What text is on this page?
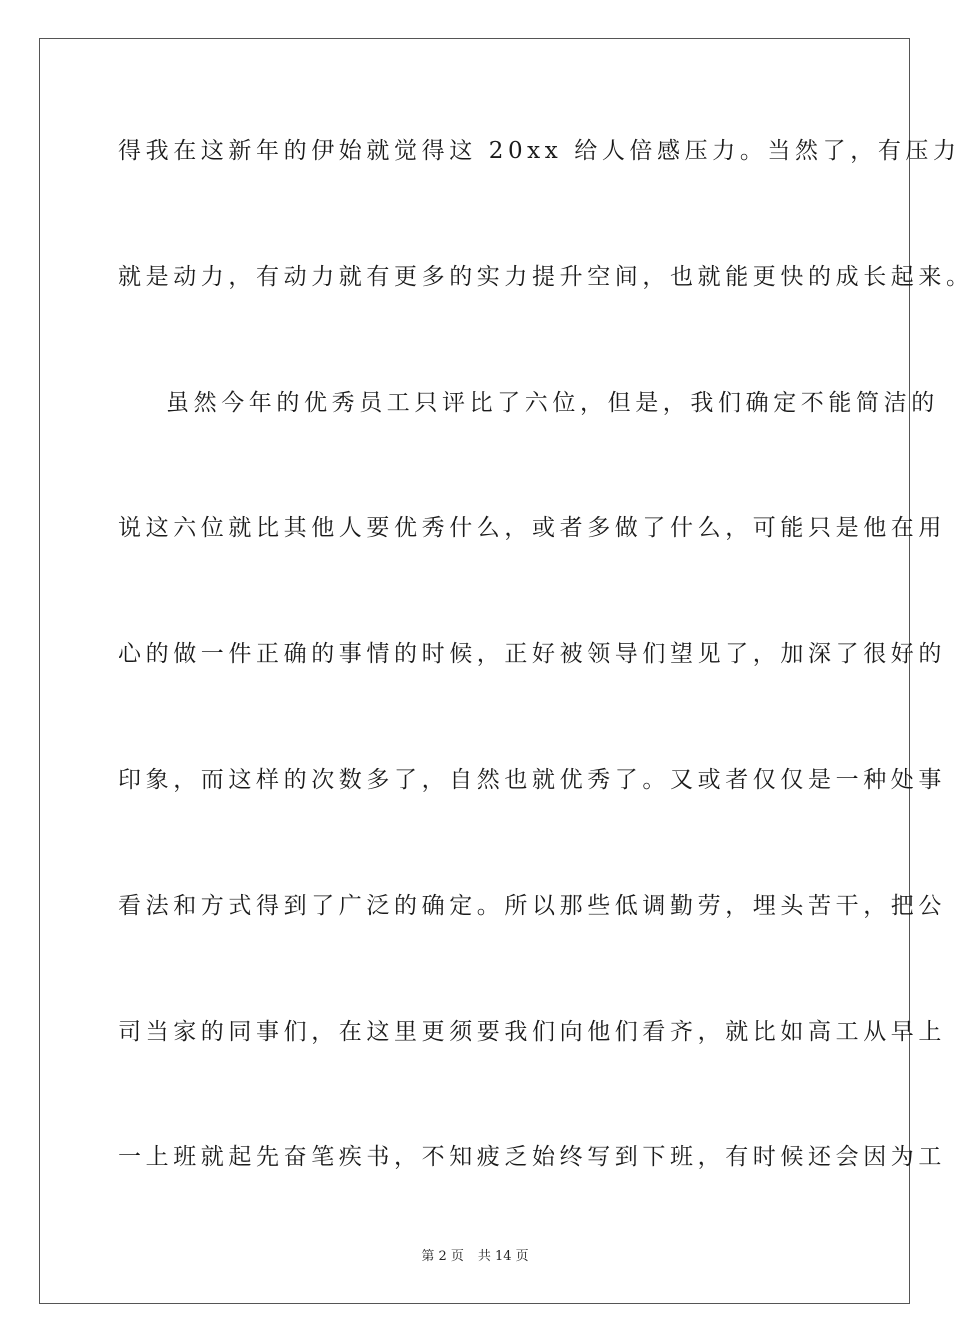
得我在这新年的伊始就觉得这 20xx 给人倍感压力。当然了，有压力
就是动力，有动力就有更多的实力提升空间，也就能更快的成长起来。
虽然今年的优秀员工只评比了六位，但是，我们确定不能简洁的
说这六位就比其他人要优秀什么，或者多做了什么，可能只是他在用
心的做一件正确的事情的时候，正好被领导们望见了，加深了很好的
印象，而这样的次数多了，自然也就优秀了。又或者仅仅是一种处事
看法和方式得到了广泛的确定。所以那些低调勤劳，埋头苦干，把公
司当家的同事们，在这里更须要我们向他们看齐，就比如高工从早上
一上班就起先奋笔疾书，不知疲乏始终写到下班，有时候还会因为工
第 2 页 共 14 页
